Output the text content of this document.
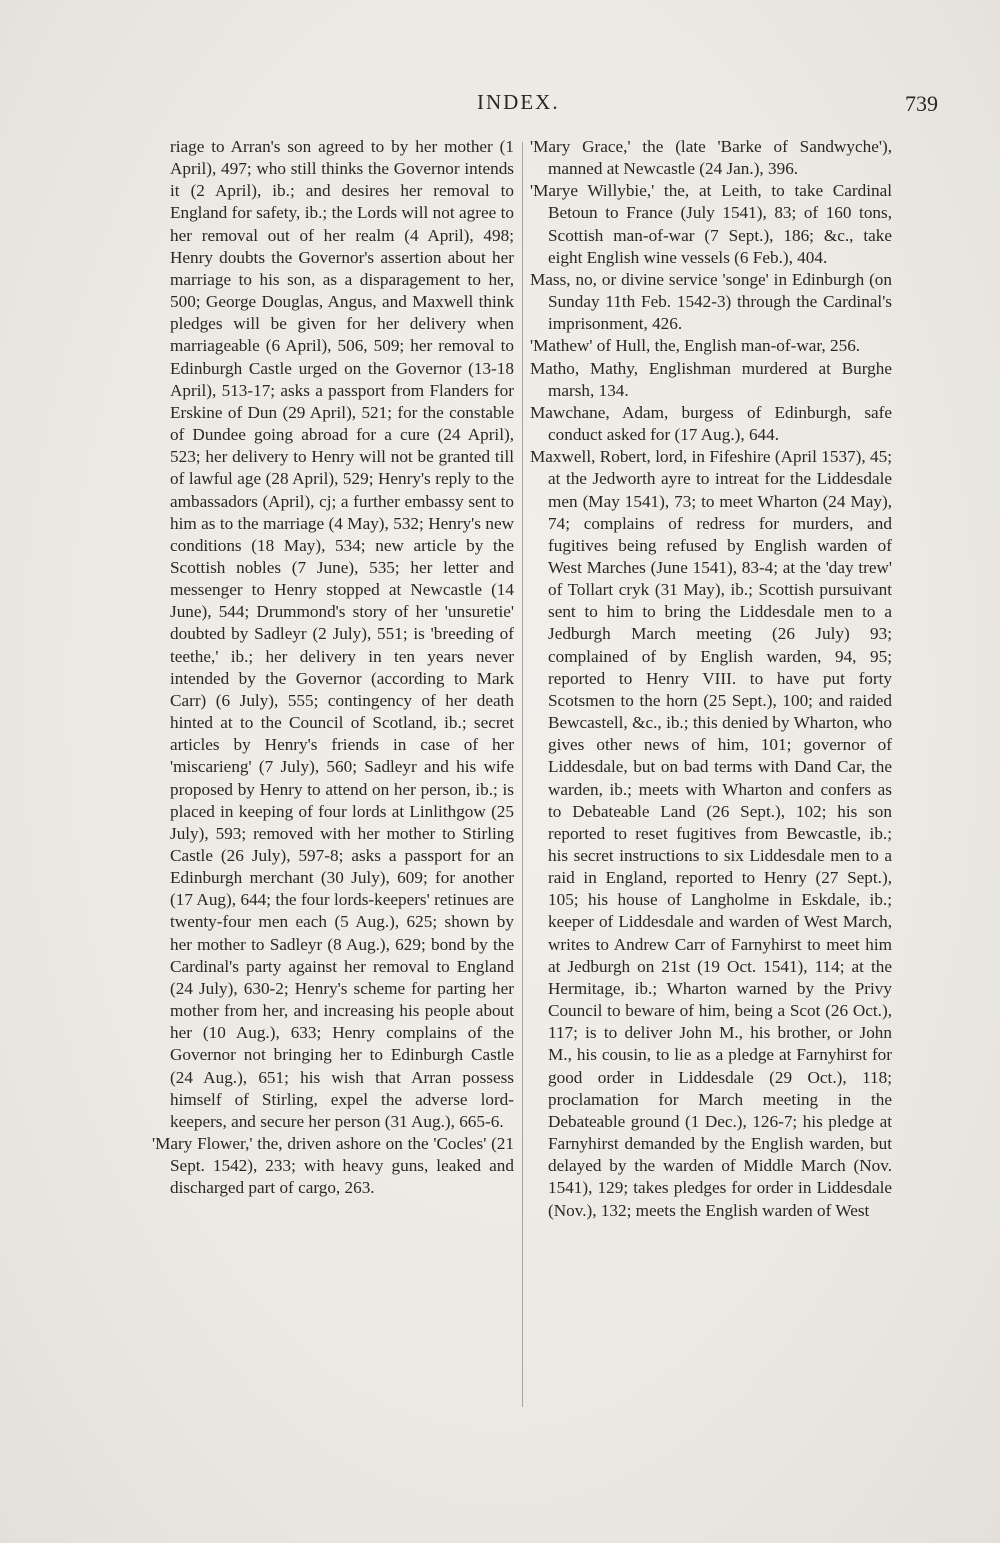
INDEX.	739

riage to Arran's son agreed to by her mother (1 April), 497; who still thinks the Governor intends it (2 April), ib.; and desires her removal to England for safety, ib.; the Lords will not agree to her removal out of her realm (4 April), 498; Henry doubts the Governor's assertion about her marriage to his son, as a disparagement to her, 500; George Douglas, Angus, and Maxwell think pledges will be given for her delivery when marriageable (6 April), 506, 509; her removal to Edinburgh Castle urged on the Governor (13-18 April), 513-17; asks a passport from Flanders for Erskine of Dun (29 April), 521; for the constable of Dundee going abroad for a cure (24 April), 523; her delivery to Henry will not be granted till of lawful age (28 April), 529; Henry's reply to the ambassadors (April), cj; a further embassy sent to him as to the marriage (4 May), 532; Henry's new conditions (18 May), 534; new article by the Scottish nobles (7 June), 535; her letter and messenger to Henry stopped at Newcastle (14 June), 544; Drummond's story of her 'unsuretie' doubted by Sadleyr (2 July), 551; is 'breeding of teethe,' ib.; her delivery in ten years never intended by the Governor (according to Mark Carr) (6 July), 555; contingency of her death hinted at to the Council of Scotland, ib.; secret articles by Henry's friends in case of her 'miscarieng' (7 July), 560; Sadleyr and his wife proposed by Henry to attend on her person, ib.; is placed in keeping of four lords at Linlithgow (25 July), 593; removed with her mother to Stirling Castle (26 July), 597-8; asks a passport for an Edinburgh merchant (30 July), 609; for another (17 Aug), 644; the four lords-keepers' retinues are twenty-four men each (5 Aug.), 625; shown by her mother to Sadleyr (8 Aug.), 629; bond by the Cardinal's party against her removal to England (24 July), 630-2; Henry's scheme for parting her mother from her, and increasing his people about her (10 Aug.), 633; Henry complains of the Governor not bringing her to Edinburgh Castle (24 Aug.), 651; his wish that Arran possess himself of Stirling, expel the adverse lord-keepers, and secure her person (31 Aug.), 665-6.

'Mary Flower,' the, driven ashore on the 'Cocles' (21 Sept. 1542), 233; with heavy guns, leaked and discharged part of cargo, 263.

'Mary Grace,' the (late 'Barke of Sandwyche'), manned at Newcastle (24 Jan.), 396.

'Marye Willybie,' the, at Leith, to take Cardinal Betoun to France (July 1541), 83; of 160 tons, Scottish man-of-war (7 Sept.), 186; &c., take eight English wine vessels (6 Feb.), 404.

Mass, no, or divine service 'songe' in Edinburgh (on Sunday 11th Feb. 1542-3) through the Cardinal's imprisonment, 426.

'Mathew' of Hull, the, English man-of-war, 256.

Matho, Mathy, Englishman murdered at Burghe marsh, 134.

Mawchane, Adam, burgess of Edinburgh, safe conduct asked for (17 Aug.), 644.

Maxwell, Robert, lord, in Fifeshire (April 1537), 45; at the Jedworth ayre to intreat for the Liddesdale men (May 1541), 73; to meet Wharton (24 May), 74; complains of redress for murders, and fugitives being refused by English warden of West Marches (June 1541), 83-4; at the 'day trew' of Tollart cryk (31 May), ib.; Scottish pursuivant sent to him to bring the Liddesdale men to a Jedburgh March meeting (26 July) 93; complained of by English warden, 94, 95; reported to Henry VIII. to have put forty Scotsmen to the horn (25 Sept.), 100; and raided Bewcastell, &c., ib.; this denied by Wharton, who gives other news of him, 101; governor of Liddesdale, but on bad terms with Dand Car, the warden, ib.; meets with Wharton and confers as to Debateable Land (26 Sept.), 102; his son reported to reset fugitives from Bewcastle, ib.; his secret instructions to six Liddesdale men to a raid in England, reported to Henry (27 Sept.), 105; his house of Langholme in Eskdale, ib.; keeper of Liddesdale and warden of West March, writes to Andrew Carr of Farnyhirst to meet him at Jedburgh on 21st (19 Oct. 1541), 114; at the Hermitage, ib.; Wharton warned by the Privy Council to beware of him, being a Scot (26 Oct.), 117; is to deliver John M., his brother, or John M., his cousin, to lie as a pledge at Farnyhirst for good order in Liddesdale (29 Oct.), 118; proclamation for March meeting in the Debateable ground (1 Dec.), 126-7; his pledge at Farnyhirst demanded by the English warden, but delayed by the warden of Middle March (Nov. 1541), 129; takes pledges for order in Liddesdale (Nov.), 132; meets the English warden of West
